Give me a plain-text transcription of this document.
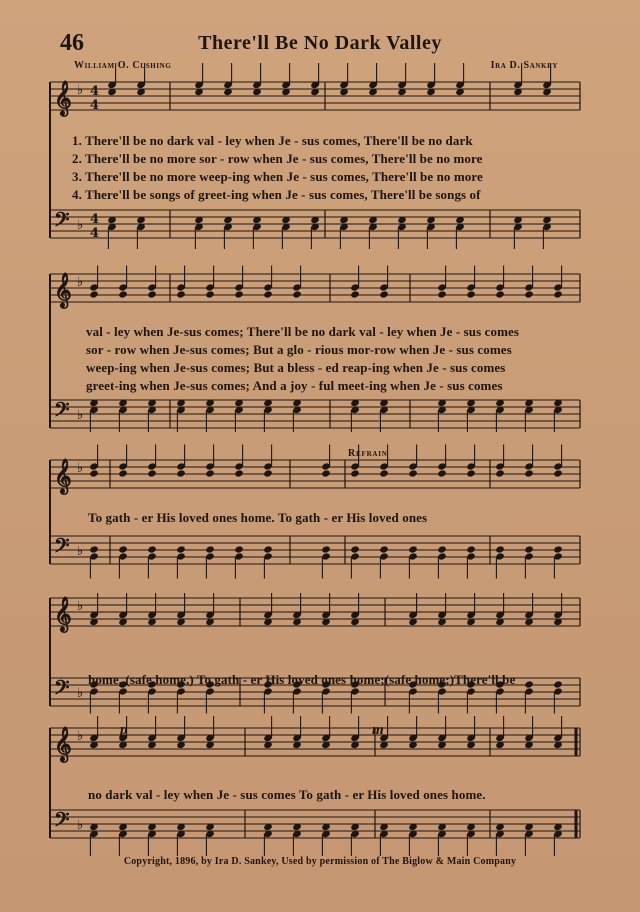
46	There'll Be No Dark Valley
William O. Cushing	Ira D. Sankey
𝄞 ♭
𝄢 ♭
4
4
4
4
𝄞 ♭
𝄢 ♭
𝄞 ♭
𝄢 ♭
𝄞 ♭
𝄢 ♭
𝄞 ♭
𝄢 ♭
1. There'll be no dark val - ley when Je - sus comes, There'll be no dark
2. There'll be no more sor - row when Je - sus comes, There'll be no more
3. There'll be no more weep-ing when Je - sus comes, There'll be no more
4. There'll be songs of greet-ing when Je - sus comes, There'll be songs of
val - ley when Je-sus comes; There'll be no dark val - ley when Je - sus comes
sor - row when Je-sus comes; But a glo - rious mor-row when Je - sus comes
weep-ing when Je-sus comes; But a bless - ed reap-ing when Je - sus comes
greet-ing when Je-sus comes; And a joy - ful meet-ing when Je - sus comes
Refrain
To gath - er His loved ones home. To gath - er His loved ones
home, (safe home,) To gath - er His loved ones home;(safe home;)There'll be
p	m
no dark val - ley when Je - sus comes To gath - er His loved ones home.
Copyright, 1896, by Ira D. Sankey, Used by permission of The Biglow & Main Company
